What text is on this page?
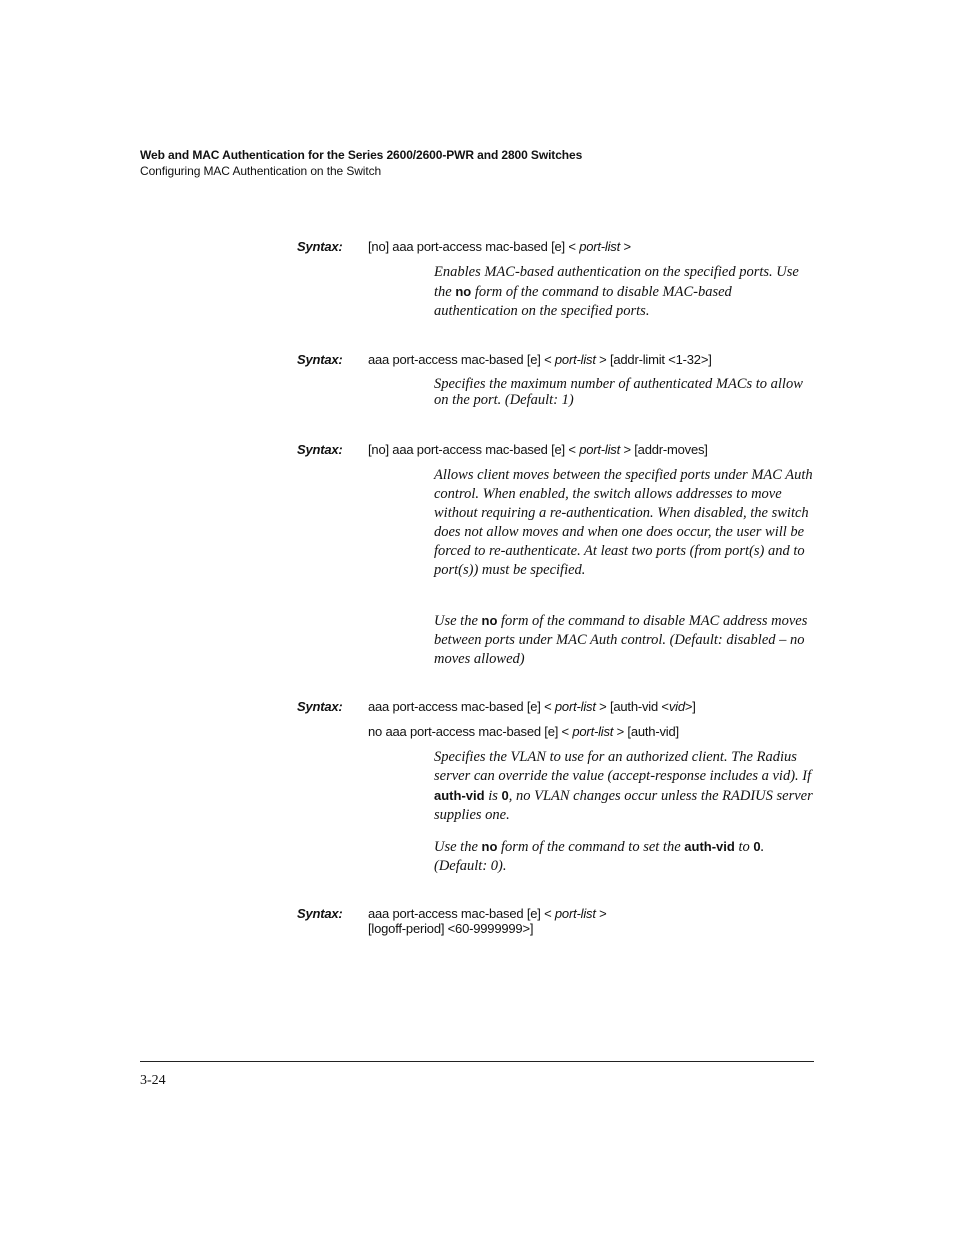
Web and MAC Authentication for the Series 2600/2600-PWR and 2800 Switches
Configuring MAC Authentication on the Switch
Syntax: [no] aaa port-access mac-based [e] < port-list >
Enables MAC-based authentication on the specified ports. Use the no form of the command to disable MAC-based authentication on the specified ports.
Syntax: aaa port-access mac-based [e] < port-list > [addr-limit <1-32>]
Specifies the maximum number of authenticated MACs to allow on the port. (Default: 1)
Syntax: [no] aaa port-access mac-based [e] < port-list > [addr-moves]
Allows client moves between the specified ports under MAC Auth control. When enabled, the switch allows addresses to move without requiring a re-authentication. When disabled, the switch does not allow moves and when one does occur, the user will be forced to re-authenticate. At least two ports (from port(s) and to port(s)) must be specified.
Use the no form of the command to disable MAC address moves between ports under MAC Auth control. (Default: disabled – no moves allowed)
Syntax: aaa port-access mac-based [e] < port-list > [auth-vid <vid>]
no aaa port-access mac-based [e] < port-list > [auth-vid]
Specifies the VLAN to use for an authorized client. The Radius server can override the value (accept-response includes a vid). If auth-vid is 0, no VLAN changes occur unless the RADIUS server supplies one.
Use the no form of the command to set the auth-vid to 0. (Default: 0).
Syntax: aaa port-access mac-based [e] < port-list >
[logoff-period] <60-9999999>]
3-24
